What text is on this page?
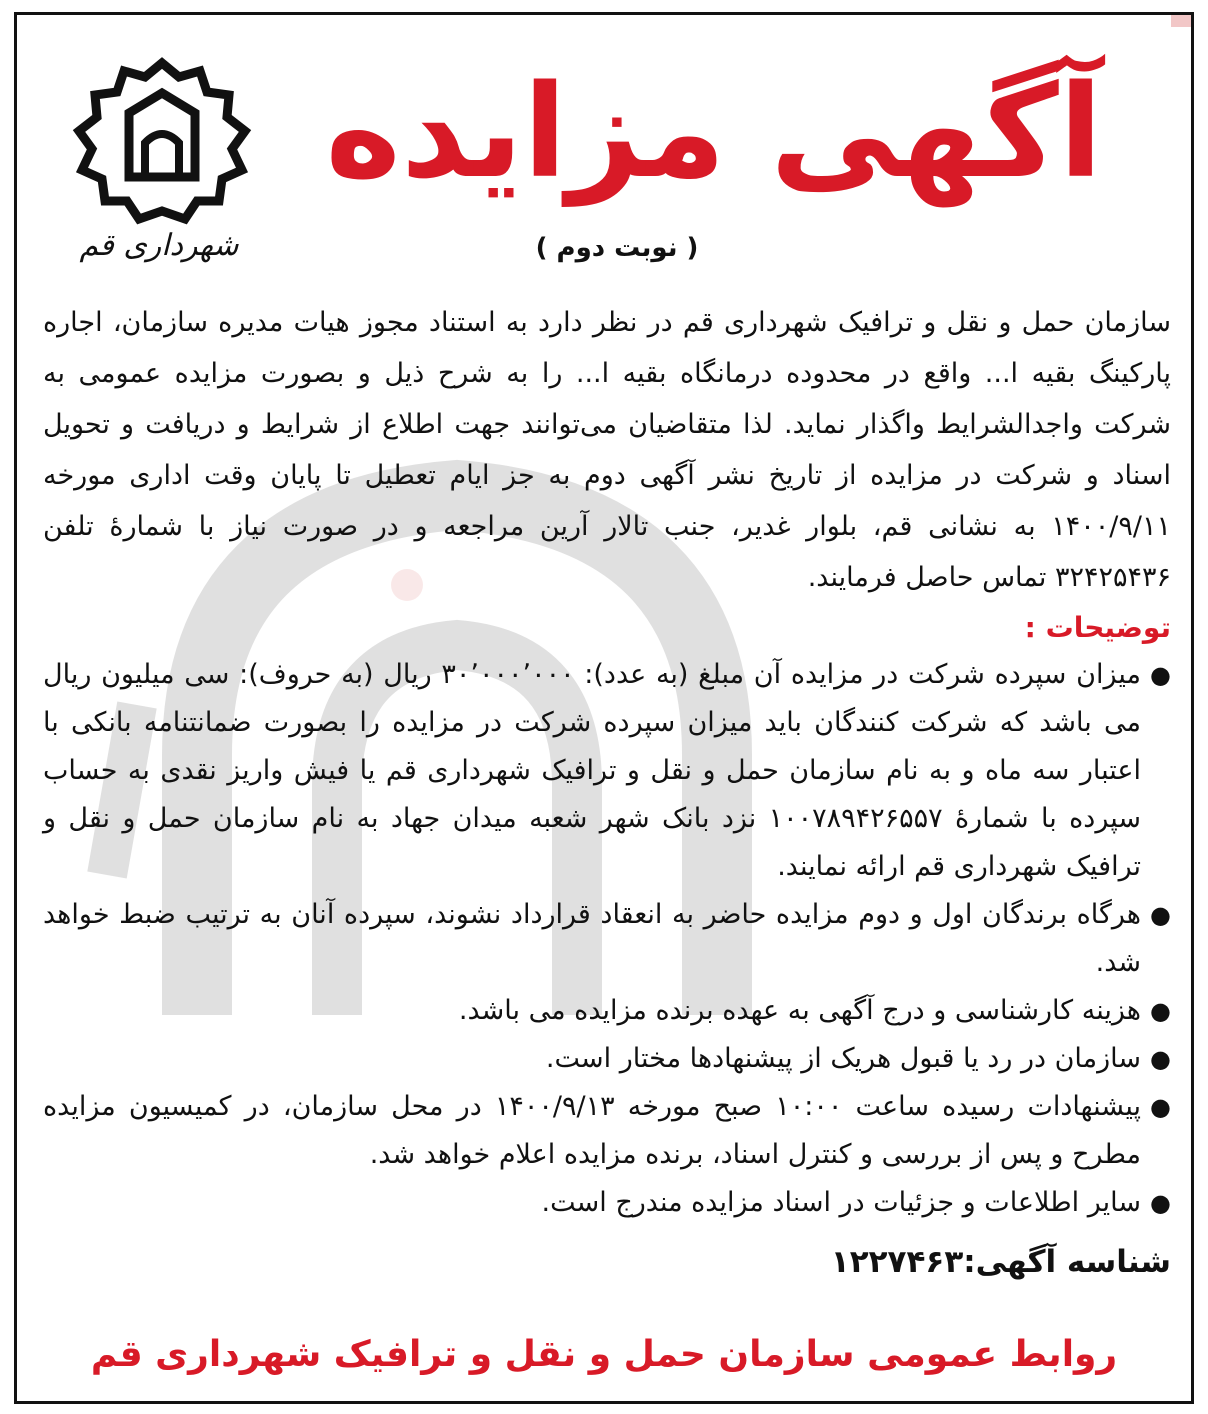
شهرداری قم
آگهی مزایده
( نوبت دوم )

سازمان حمل و نقل و ترافیک شهرداری قم در نظر دارد به استناد مجوز هیات مدیره سازمان، اجاره پارکینگ بقیه ا... واقع در محدوده درمانگاه بقیه ا... را به شرح ذیل و بصورت مزایده عمومی به شرکت واجدالشرایط واگذار نماید. لذا متقاضیان می‌توانند جهت اطلاع از شرایط و دریافت و تحویل اسناد و شرکت در مزایده از تاریخ نشر آگهی دوم به جز ایام تعطیل تا پایان وقت اداری مورخه ۱۴۰۰/۹/۱۱ به نشانی قم، بلوار غدیر، جنب تالار آرین مراجعه و در صورت نیاز با شمارهٔ تلفن ۳۲۴۲۵۴۳۶ تماس حاصل فرمایند.

توضیحات :
●
میزان سپرده شرکت در مزایده آن مبلغ (به عدد): ۳۰٬۰۰۰٬۰۰۰ ریال (به حروف): سی میلیون ریال می باشد که شرکت کنندگان باید میزان سپرده شرکت در مزایده را بصورت ضمانتنامه بانکی با اعتبار سه ماه و به نام سازمان حمل و نقل و ترافیک شهرداری قم یا فیش واریز نقدی به حساب سپرده با شمارهٔ ۱۰۰۷۸۹۴۲۶۵۵۷ نزد بانک شهر شعبه میدان جهاد به نام سازمان حمل و نقل و ترافیک شهرداری قم ارائه نمایند.
●
هرگاه برندگان اول و دوم مزایده حاضر به انعقاد قرارداد نشوند، سپرده آنان به ترتیب ضبط خواهد شد.
●
هزینه کارشناسی و درج آگهی به عهده برنده مزایده می باشد.
●
سازمان در رد یا قبول هریک از پیشنهادها مختار است.
●
پیشنهادات رسیده ساعت ۱۰:۰۰ صبح مورخه ۱۴۰۰/۹/۱۳ در محل سازمان، در کمیسیون مزایده مطرح و پس از بررسی و کنترل اسناد، برنده مزایده اعلام خواهد شد.
●
سایر اطلاعات و جزئیات در اسناد مزایده مندرج است.
شناسه آگهی:۱۲۲۷۴۶۳
روابط عمومی سازمان حمل و نقل و ترافیک شهرداری قم
